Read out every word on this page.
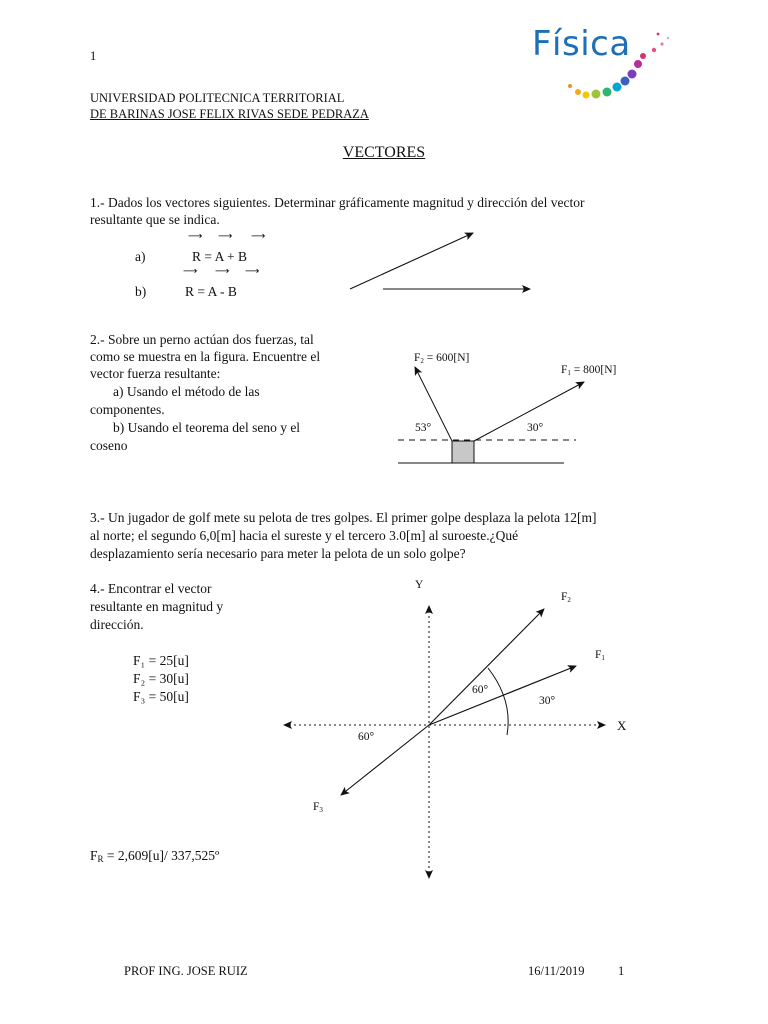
1	Física
UNIVERSIDAD POLITECNICA TERRITORIAL
DE BARINAS JOSE FELIX RIVAS SEDE PEDRAZA
VECTORES
1.- Dados los vectores siguientes. Determinar gráficamente magnitud y dirección del vector
resultante que se indica.
⟶ ⟶ ⟶
a)	R = A + B
⟶ ⟶ ⟶
b)	R = A - B
2.- Sobre un perno actúan dos fuerzas, tal
como se muestra en la figura. Encuentre el
vector fuerza resultante:
a) Usando el método de las
componentes.
b) Usando el teorema del seno y el
coseno
$F_2 = 600[N]$
$F_1 = 800[N]$
53°	30°
3.- Un jugador de golf mete su pelota de tres golpes. El primer golpe desplaza la pelota 12[m]
al norte; el segundo 6,0[m] hacia el sureste y el tercero 3.0[m] al suroeste.¿Qué
desplazamiento sería necesario para meter la pelota de un solo golpe?
4.- Encontrar el vector
resultante en magnitud y
dirección.
F₁ = 25[u]
F₂ = 30[u]
F₃ = 50[u]
Y
X
$F_2$
$F_1$
$F_3$
60°
30°
60°
$F_R = 2,609[u]/$ 337,525º
PROF ING. JOSE RUIZ	16/11/2019	1
